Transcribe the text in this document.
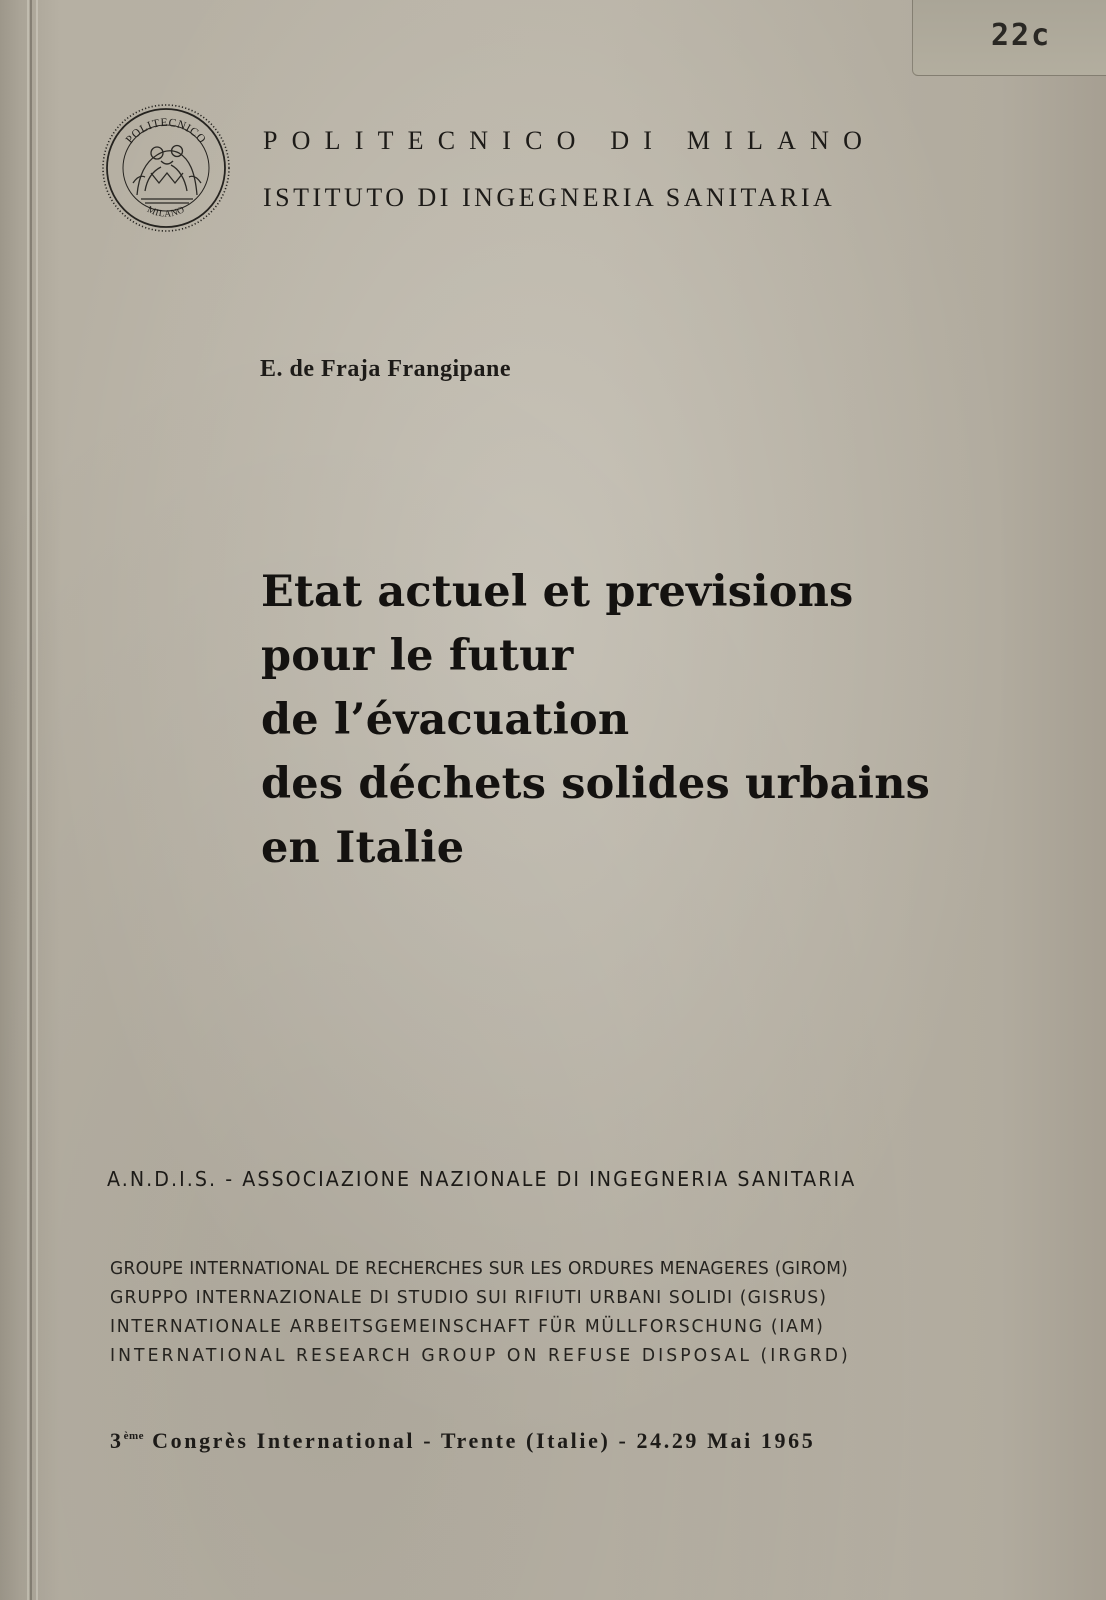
22c
POLITECNICO
MILANO
POLITECNICO DI MILANO
ISTITUTO DI INGEGNERIA SANITARIA
E. de Fraja Frangipane
Etat actuel et previsions
pour le futur
de l’évacuation
des déchets solides urbains
en Italie
A.N.D.I.S. - ASSOCIAZIONE NAZIONALE DI INGEGNERIA SANITARIA
GROUPE INTERNATIONAL DE RECHERCHES SUR LES ORDURES MENAGERES (GIROM)
GRUPPO INTERNAZIONALE DI STUDIO SUI RIFIUTI URBANI SOLIDI (GISRUS)
INTERNATIONALE ARBEITSGEMEINSCHAFT FÜR MÜLLFORSCHUNG (IAM)
INTERNATIONAL RESEARCH GROUP ON REFUSE DISPOSAL (IRGRD)
3ème Congrès International - Trente (Italie) - 24.29 Mai 1965
